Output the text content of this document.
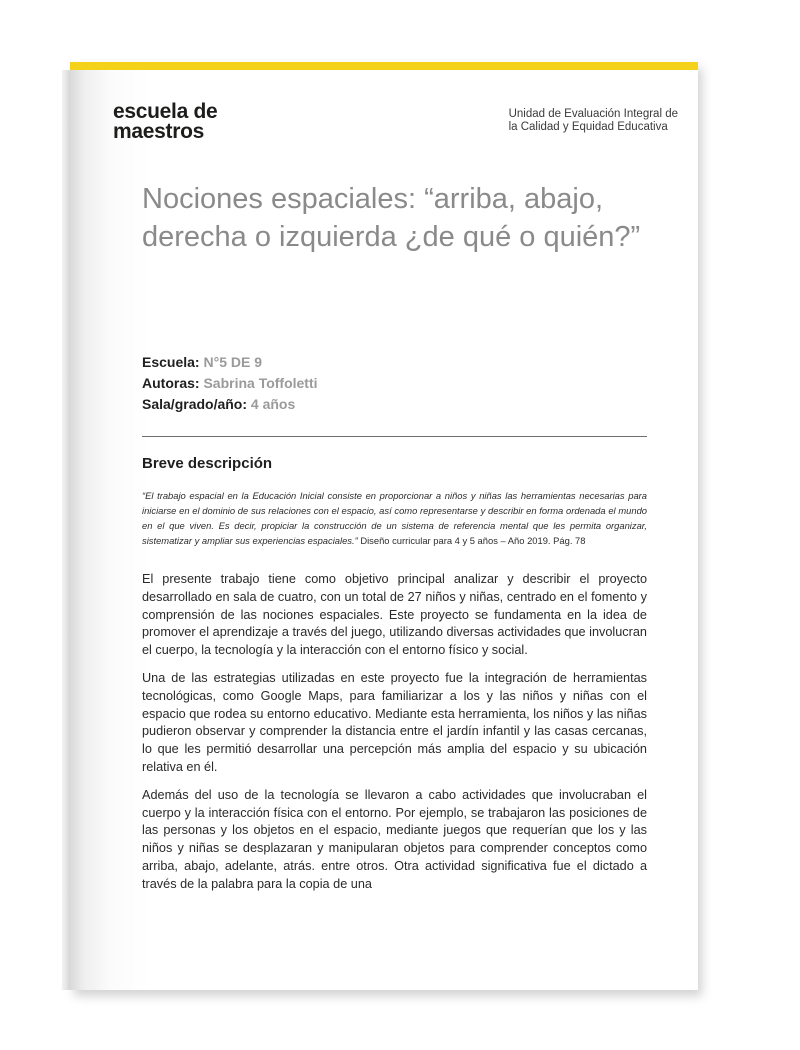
escuela de
maestros
Unidad de Evaluación Integral de
la Calidad y Equidad Educativa
Nociones espaciales: “arriba, abajo, derecha o izquierda ¿de qué o quién?”
Escuela: N°5 DE 9
Autoras: Sabrina Toffoletti
Sala/grado/año: 4 años
Breve descripción
“El trabajo espacial en la Educación Inicial consiste en proporcionar a niños y niñas las herramientas necesarias para iniciarse en el dominio de sus relaciones con el espacio, así como representarse y describir en forma ordenada el mundo en el que viven. Es decir, propiciar la construcción de un sistema de referencia mental que les permita organizar, sistematizar y ampliar sus experiencias espaciales.” Diseño curricular para 4 y 5 años – Año 2019. Pág. 78

El presente trabajo tiene como objetivo principal analizar y describir el proyecto desarrollado en sala de cuatro, con un total de 27 niños y niñas, centrado en el fomento y comprensión de las nociones espaciales. Este proyecto se fundamenta en la idea de promover el aprendizaje a través del juego, utilizando diversas actividades que involucran el cuerpo, la tecnología y la interacción con el entorno físico y social.

Una de las estrategias utilizadas en este proyecto fue la integración de herramientas tecnológicas, como Google Maps, para familiarizar a los y las niños y niñas con el espacio que rodea su entorno educativo. Mediante esta herramienta, los niños y las niñas pudieron observar y comprender la distancia entre el jardín infantil y las casas cercanas, lo que les permitió desarrollar una percepción más amplia del espacio y su ubicación relativa en él.

Además del uso de la tecnología se llevaron a cabo actividades que involucraban el cuerpo y la interacción física con el entorno. Por ejemplo, se trabajaron las posiciones de las personas y los objetos en el espacio, mediante juegos que requerían que los y las niños y niñas se desplazaran y manipularan objetos para comprender conceptos como arriba, abajo, adelante, atrás. entre otros. Otra actividad significativa fue el dictado a través de la palabra para la copia de una
